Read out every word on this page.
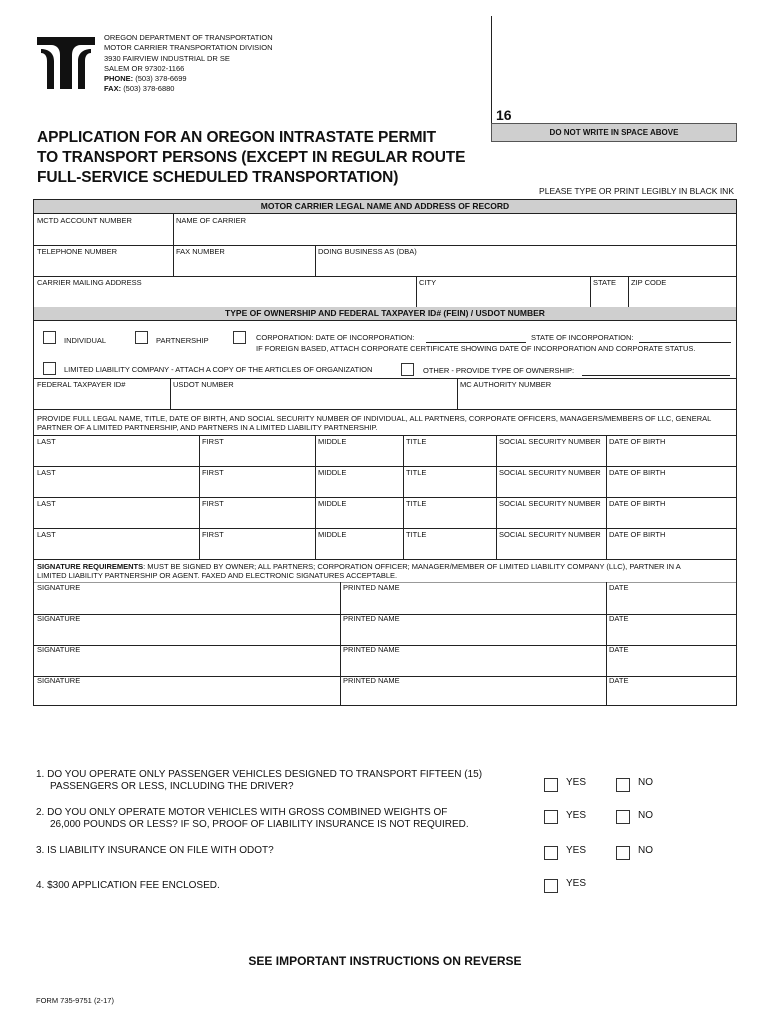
OREGON DEPARTMENT OF TRANSPORTATION
MOTOR CARRIER TRANSPORTATION DIVISION
3930 FAIRVIEW INDUSTRIAL DR SE
SALEM OR 97302-1166
PHONE: (503) 378-6699
FAX: (503) 378-6880
16
DO NOT WRITE IN SPACE ABOVE
APPLICATION FOR AN OREGON INTRASTATE PERMIT
TO TRANSPORT PERSONS (EXCEPT IN REGULAR ROUTE
FULL-SERVICE SCHEDULED TRANSPORTATION)
PLEASE TYPE OR PRINT LEGIBLY IN BLACK INK
MOTOR CARRIER LEGAL NAME AND ADDRESS OF RECORD
MCTD ACCOUNT NUMBER	NAME OF CARRIER
TELEPHONE NUMBER	FAX NUMBER	DOING BUSINESS AS (DBA)
CARRIER MAILING ADDRESS	CITY	STATE ZIP CODE
TYPE OF OWNERSHIP AND FEDERAL TAXPAYER ID# (FEIN) / USDOT NUMBER
INDIVIDUAL	PARTNERSHIP	CORPORATION: DATE OF INCORPORATION:	STATE OF INCORPORATION:
IF FOREIGN BASED, ATTACH CORPORATE CERTIFICATE SHOWING DATE OF INCORPORATION AND CORPORATE STATUS.
LIMITED LIABILITY COMPANY - ATTACH A COPY OF THE ARTICLES OF ORGANIZATION	OTHER - PROVIDE TYPE OF OWNERSHIP:
FEDERAL TAXPAYER ID#	USDOT NUMBER	MC AUTHORITY NUMBER
PROVIDE FULL LEGAL NAME, TITLE, DATE OF BIRTH, AND SOCIAL SECURITY NUMBER OF INDIVIDUAL, ALL PARTNERS, CORPORATE OFFICERS, MANAGERS/MEMBERS OF LLC, GENERAL
PARTNER OF A LIMITED PARTNERSHIP, AND PARTNERS IN A LIMITED LIABILITY PARTNERSHIP.
LAST	FIRST	MIDDLE	TITLE	SOCIAL SECURITY NUMBER DATE OF BIRTH
LAST	FIRST	MIDDLE	TITLE	SOCIAL SECURITY NUMBER DATE OF BIRTH
LAST	FIRST	MIDDLE	TITLE	SOCIAL SECURITY NUMBER DATE OF BIRTH
LAST	FIRST	MIDDLE	TITLE	SOCIAL SECURITY NUMBER DATE OF BIRTH
SIGNATURE REQUIREMENTS: MUST BE SIGNED BY OWNER; ALL PARTNERS; CORPORATION OFFICER; MANAGER/MEMBER OF LIMITED LIABILITY COMPANY (LLC), PARTNER IN A
LIMITED LIABILITY PARTNERSHIP OR AGENT. FAXED AND ELECTRONIC SIGNATURES ACCEPTABLE.
SIGNATURE	PRINTED NAME	DATE
SIGNATURE	PRINTED NAME	DATE
SIGNATURE	PRINTED NAME	DATE
SIGNATURE	PRINTED NAME	DATE
1. DO YOU OPERATE ONLY PASSENGER VEHICLES DESIGNED TO TRANSPORT FIFTEEN (15)
PASSENGERS OR LESS, INCLUDING THE DRIVER?	YES	NO
2. DO YOU ONLY OPERATE MOTOR VEHICLES WITH GROSS COMBINED WEIGHTS OF
26,000 POUNDS OR LESS? IF SO, PROOF OF LIABILITY INSURANCE IS NOT REQUIRED.
YES	NO
3. IS LIABILITY INSURANCE ON FILE WITH ODOT?	YES	NO
4. $300 APPLICATION FEE ENCLOSED.	YES
SEE IMPORTANT INSTRUCTIONS ON REVERSE
FORM 735-9751 (2-17)
